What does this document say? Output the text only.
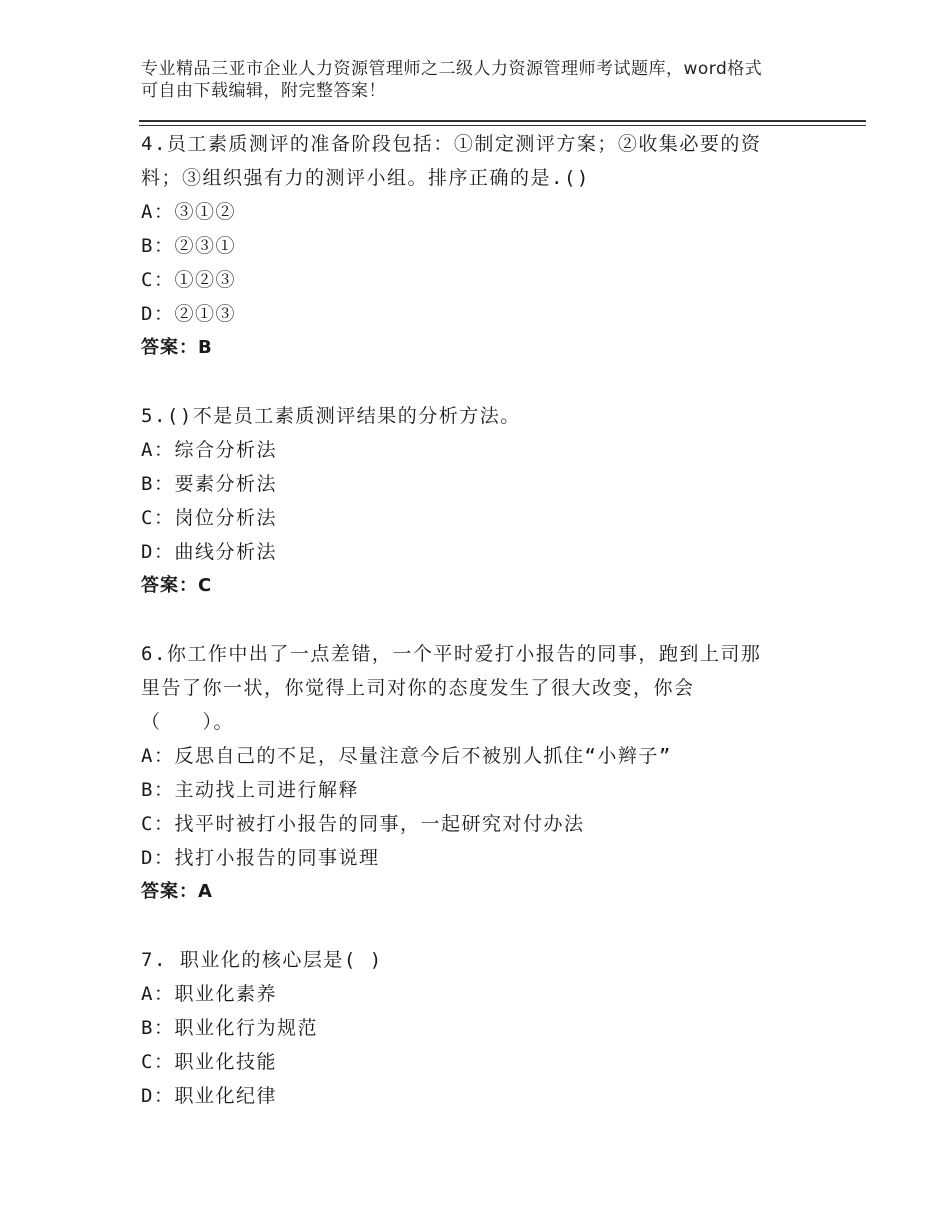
专业精品三亚市企业人力资源管理师之二级人力资源管理师考试题库，word格式
可自由下载编辑，附完整答案！
4.员工素质测评的准备阶段包括：①制定测评方案；②收集必要的资
料；③组织强有力的测评小组。排序正确的是.()
A：③①②
B：②③①
C：①②③
D：②①③
答案：B
5.()不是员工素质测评结果的分析方法。
A：综合分析法
B：要素分析法
C：岗位分析法
D：曲线分析法
答案：C
6.你工作中出了一点差错，一个平时爱打小报告的同事，跑到上司那
里告了你一状，你觉得上司对你的态度发生了很大改变，你会
（　　）。
A：反思自己的不足，尽量注意今后不被别人抓住“小辫子”
B：主动找上司进行解释
C：找平时被打小报告的同事，一起研究对付办法
D：找打小报告的同事说理
答案：A
7. 职业化的核心层是( )
A：职业化素养
B：职业化行为规范
C：职业化技能
D：职业化纪律
